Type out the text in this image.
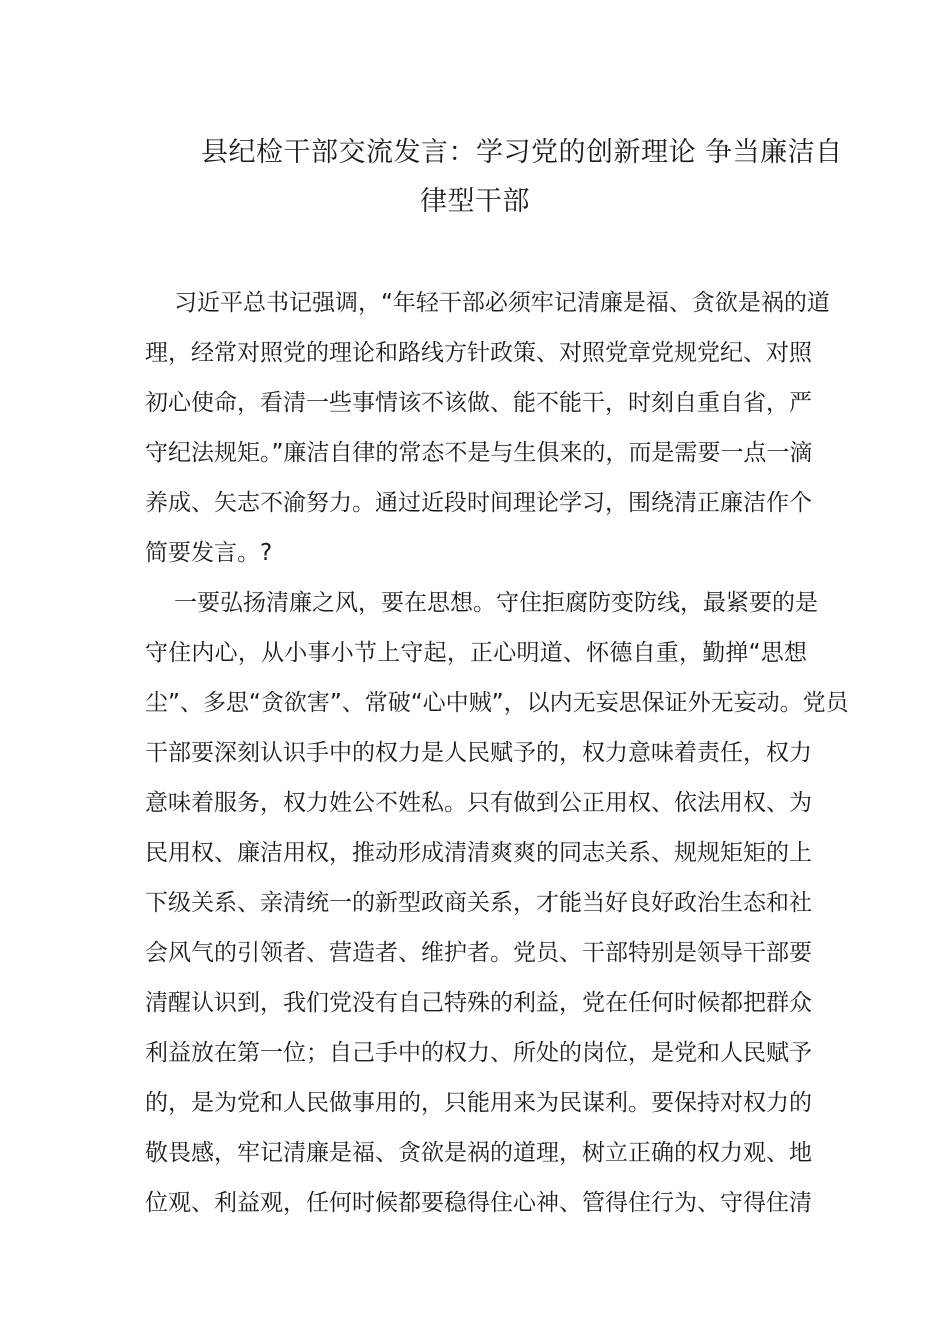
县纪检干部交流发言：学习党的创新理论 争当廉洁自
律型干部
习近平总书记强调，“年轻干部必须牢记清廉是福、贪欲是祸的道
理，经常对照党的理论和路线方针政策、对照党章党规党纪、对照
初心使命，看清一些事情该不该做、能不能干，时刻自重自省，严
守纪法规矩。”廉洁自律的常态不是与生俱来的，而是需要一点一滴
养成、矢志不渝努力。通过近段时间理论学习，围绕清正廉洁作个
简要发言。?
一要弘扬清廉之风，要在思想。守住拒腐防变防线，最紧要的是
守住内心，从小事小节上守起，正心明道、怀德自重，勤掸“思想
尘”、多思“贪欲害”、常破“心中贼”，以内无妄思保证外无妄动。党员
干部要深刻认识手中的权力是人民赋予的，权力意味着责任，权力
意味着服务，权力姓公不姓私。只有做到公正用权、依法用权、为
民用权、廉洁用权，推动形成清清爽爽的同志关系、规规矩矩的上
下级关系、亲清统一的新型政商关系，才能当好良好政治生态和社
会风气的引领者、营造者、维护者。党员、干部特别是领导干部要
清醒认识到，我们党没有自己特殊的利益，党在任何时候都把群众
利益放在第一位；自己手中的权力、所处的岗位，是党和人民赋予
的，是为党和人民做事用的，只能用来为民谋利。要保持对权力的
敬畏感，牢记清廉是福、贪欲是祸的道理，树立正确的权力观、地
位观、利益观，任何时候都要稳得住心神、管得住行为、守得住清
